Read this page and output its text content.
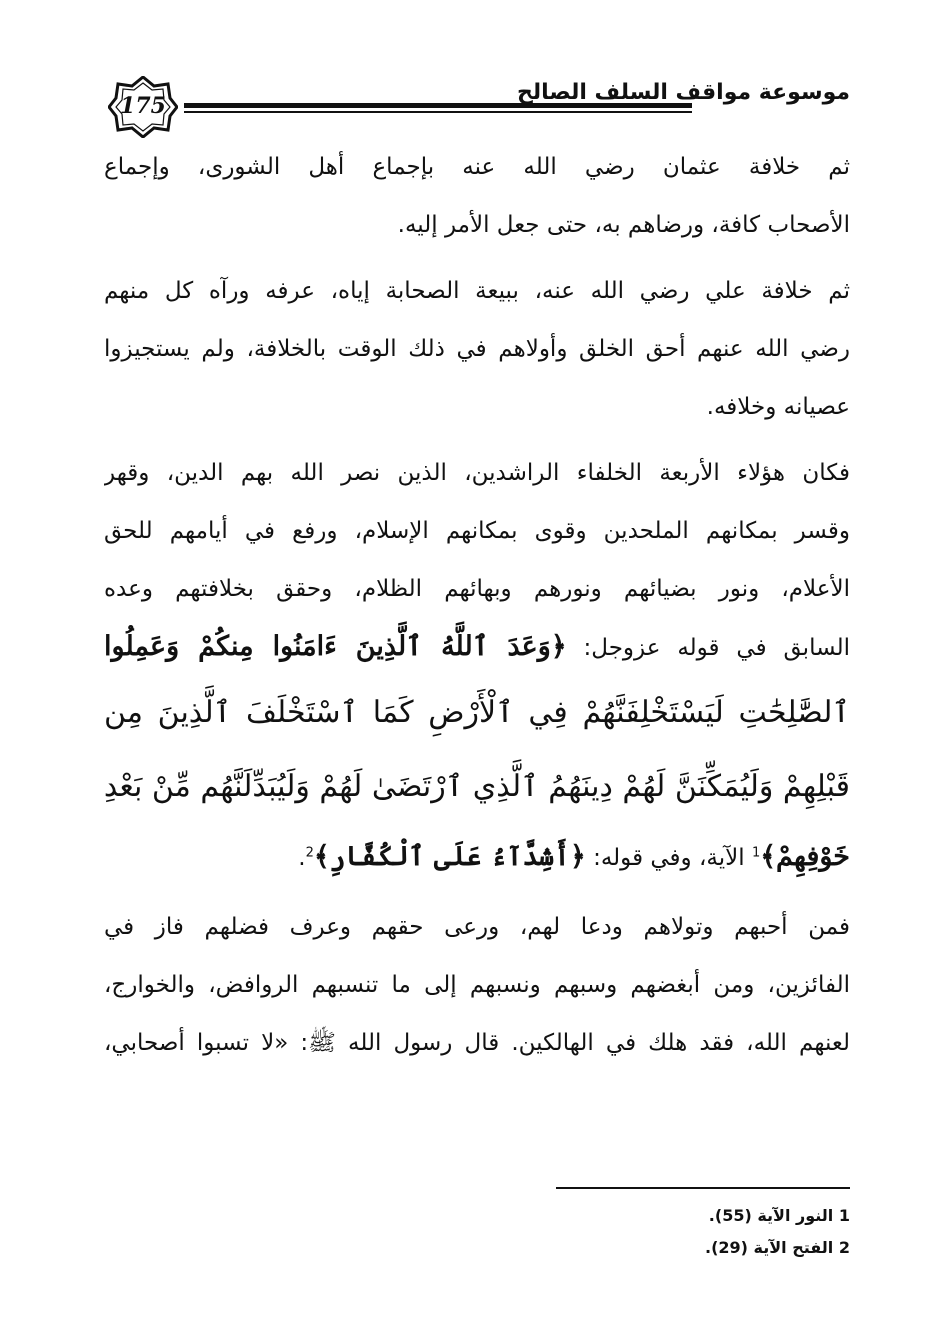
175
موسوعة مواقف السلف الصالح
ثم خلافة عثمان رضي الله عنه بإجماع أهل الشورى، وإجماع
الأصحاب كافة، ورضاهم به، حتى جعل الأمر إليه.
ثم خلافة علي رضي الله عنه، ببيعة الصحابة إياه، عرفه ورآه كل منهم
رضي الله عنهم أحق الخلق وأولاهم في ذلك الوقت بالخلافة، ولم يستجيزوا
عصيانه وخلافه.
فكان هؤلاء الأربعة الخلفاء الراشدين، الذين نصر الله بهم الدين، وقهر
وقسر بمكانهم الملحدين وقوى بمكانهم الإسلام، ورفع في أيامهم للحق
الأعلام، ونور بضيائهم ونورهم وبهائهم الظلام، وحقق بخلافتهم وعده
السابق في قوله عزوجل: ﴿وَعَدَ ٱللَّهُ ٱلَّذِينَ ءَامَنُوا مِنكُمْ وَعَمِلُوا
ٱلصَّٰلِحَٰتِ لَيَسْتَخْلِفَنَّهُمْ فِي ٱلْأَرْضِ كَمَا ٱسْتَخْلَفَ ٱلَّذِينَ مِن
قَبْلِهِمْ وَلَيُمَكِّنَنَّ لَهُمْ دِينَهُمُ ٱلَّذِي ٱرْتَضَىٰ لَهُمْ وَلَيُبَدِّلَنَّهُم مِّنْ بَعْدِ
خَوْفِهِمْ﴾$^1$ الآية، وفي قوله: ﴿أَشِدَّآءُ عَلَى ٱلْكُفَّارِ﴾$^2$.
فمن أحبهم وتولاهم ودعا لهم، ورعى حقهم وعرف فضلهم فاز في
الفائزين، ومن أبغضهم وسبهم ونسبهم إلى ما تنسبهم الروافض، والخوارج،
لعنهم الله، فقد هلك في الهالكين. قال رسول الله ﷺ: «لا تسبوا أصحابي،
1 النور الآية (55).
2 الفتح الآية (29).
